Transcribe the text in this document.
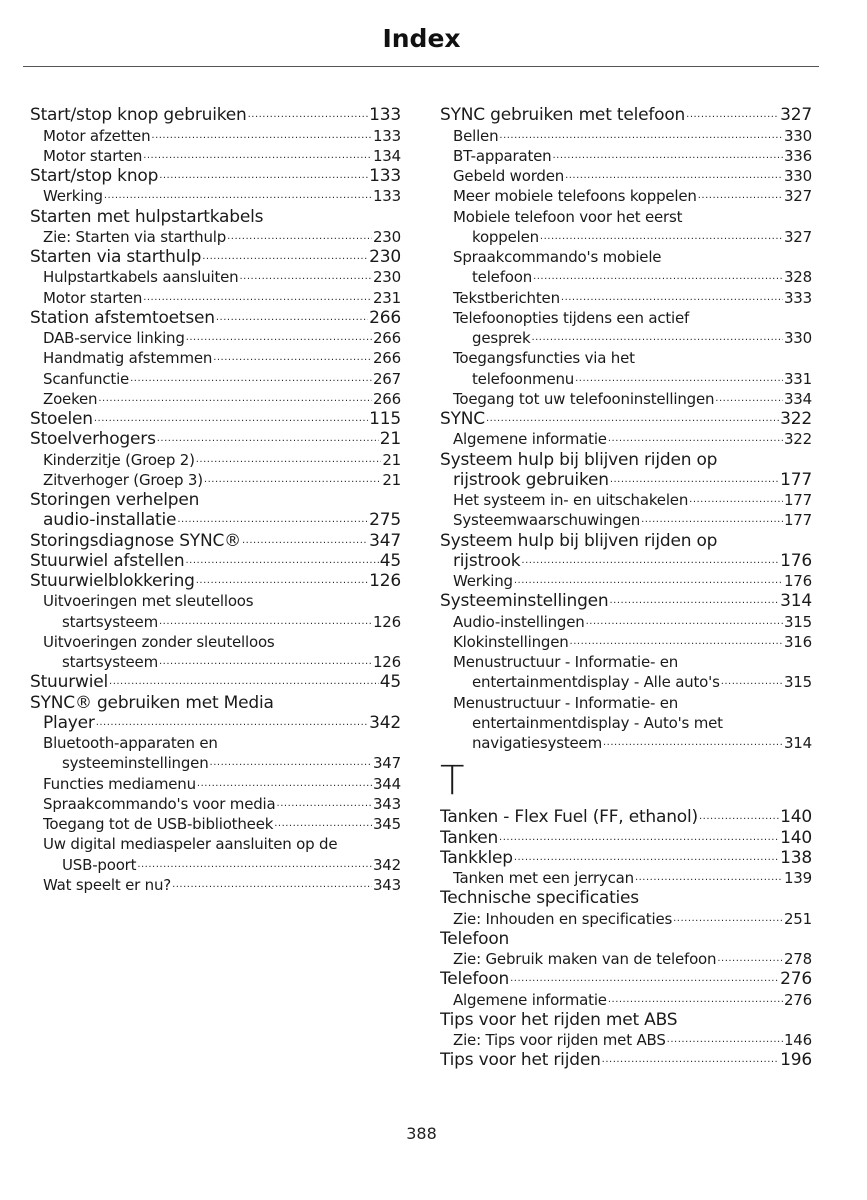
Index
Start/stop knop gebruiken .....	133
Motor afzetten .....	133
Motor starten .....	134
Start/stop knop .....	133
Werking .....	133
Starten met hulpstartkabels
Zie: Starten via starthulp .....	230
Starten via starthulp .....	230
Hulpstartkabels aansluiten .....	230
Motor starten .....	231
Station afstemtoetsen .....	266
DAB-service linking .....	266
Handmatig afstemmen .....	266
Scanfunctie .....	267
Zoeken .....	266
Stoelen .....	115
Stoelverhogers .....	21
Kinderzitje (Groep 2) .....	21
Zitverhoger (Groep 3) .....	21
Storingen verhelpen
audio-installatie .....	275
Storingsdiagnose SYNC® .....	347
Stuurwiel afstellen .....	45
Stuurwielblokkering .....	126
Uitvoeringen met sleutelloos
startsysteem .....	126
Uitvoeringen zonder sleutelloos
startsysteem .....	126
Stuurwiel .....	45
SYNC® gebruiken met Media
Player .....	342
Bluetooth-apparaten en
systeeminstellingen .....	347
Functies mediamenu .....	344
Spraakcommando's voor media .....	343
Toegang tot de USB-bibliotheek .....	345
Uw digital mediaspeler aansluiten op de
USB-poort .....	342
Wat speelt er nu? .....	343
SYNC gebruiken met telefoon .....	327
Bellen .....	330
BT-apparaten .....	336
Gebeld worden .....	330
Meer mobiele telefoons koppelen .....	327
Mobiele telefoon voor het eerst
koppelen .....	327
Spraakcommando's mobiele
telefoon .....	328
Tekstberichten .....	333
Telefoonopties tijdens een actief
gesprek .....	330
Toegangsfuncties via het
telefoonmenu .....	331
Toegang tot uw telefooninstellingen .....	334
SYNC .....	322
Algemene informatie .....	322
Systeem hulp bij blijven rijden op
rijstrook gebruiken .....	177
Het systeem in- en uitschakelen .....	177
Systeemwaarschuwingen .....	177
Systeem hulp bij blijven rijden op
rijstrook .....	176
Werking .....	176
Systeeminstellingen .....	314
Audio-instellingen .....	315
Klokinstellingen .....	316
Menustructuur - Informatie- en
entertainmentdisplay - Alle auto's .....	315
Menustructuur - Informatie- en
entertainmentdisplay - Auto's met
navigatiesysteem .....	314
T
Tanken - Flex Fuel (FF, ethanol) .....	140
Tanken .....	140
Tankklep .....	138
Tanken met een jerrycan .....	139
Technische specificaties
Zie: Inhouden en specificaties .....	251
Telefoon
Zie: Gebruik maken van de telefoon .....	278
Telefoon .....	276
Algemene informatie .....	276
Tips voor het rijden met ABS
Zie: Tips voor rijden met ABS .....	146
Tips voor het rijden .....	196
388
